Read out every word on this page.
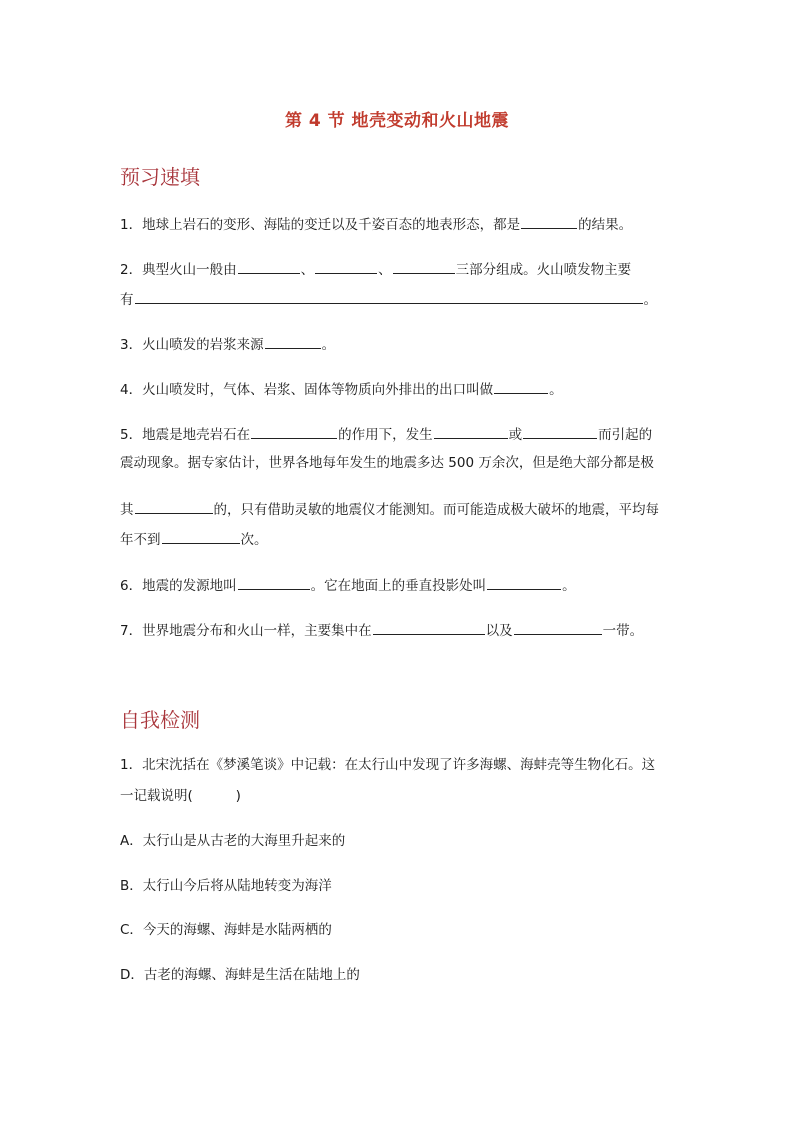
第 4 节 地壳变动和火山地震
预习速填
1．地球上岩石的变形、海陆的变迁以及千姿百态的地表形态，都是	的结果。
2．典型火山一般由	、	、	三部分组成。火山喷发物主要
有	。
3．火山喷发的岩浆来源	。
4．火山喷发时，气体、岩浆、固体等物质向外排出的出口叫做	。
5．地震是地壳岩石在	的作用下，发生	或	而引起的
震动现象。据专家估计，世界各地每年发生的地震多达 500 万余次，但是绝大部分都是极
其	的，只有借助灵敏的地震仪才能测知。而可能造成极大破坏的地震，平均每
年不到	次。
6．地震的发源地叫	。它在地面上的垂直投影处叫	。
7．世界地震分布和火山一样，主要集中在	以及	一带。
自我检测
1．北宋沈括在《梦溪笔谈》中记载：在太行山中发现了许多海螺、海蚌壳等生物化石。这
一记载说明(          )
A．太行山是从古老的大海里升起来的
B．太行山今后将从陆地转变为海洋
C．今天的海螺、海蚌是水陆两栖的
D．古老的海螺、海蚌是生活在陆地上的
